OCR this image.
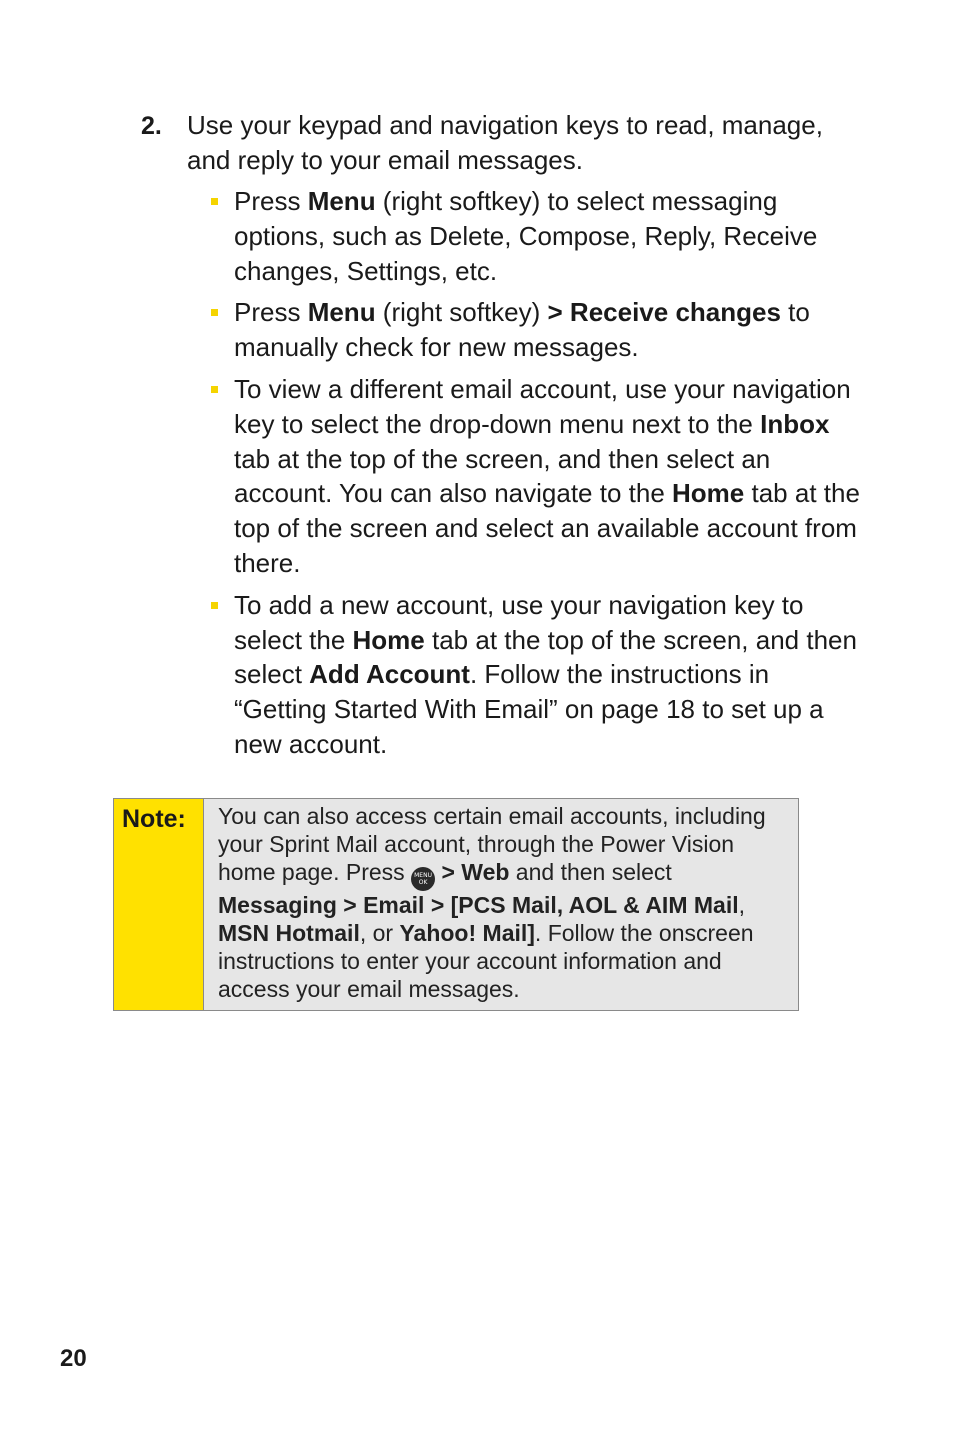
2. Use your keypad and navigation keys to read, manage, and reply to your email messages.
Press Menu (right softkey) to select messaging options, such as Delete, Compose, Reply, Receive changes, Settings, etc.
Press Menu (right softkey) > Receive changes to manually check for new messages.
To view a different email account, use your navigation key to select the drop-down menu next to the Inbox tab at the top of the screen, and then select an account. You can also navigate to the Home tab at the top of the screen and select an available account from there.
To add a new account, use your navigation key to select the Home tab at the top of the screen, and then select Add Account. Follow the instructions in “Getting Started With Email” on page 18 to set up a new account.
Note:	You can also access certain email accounts, including your Sprint Mail account, through the Power Vision home page. Press MENU
OK > Web and then select Messaging > Email > [PCS Mail, AOL & AIM Mail, MSN Hotmail, or Yahoo! Mail]. Follow the onscreen instructions to enter your account information and access your email messages.
20
